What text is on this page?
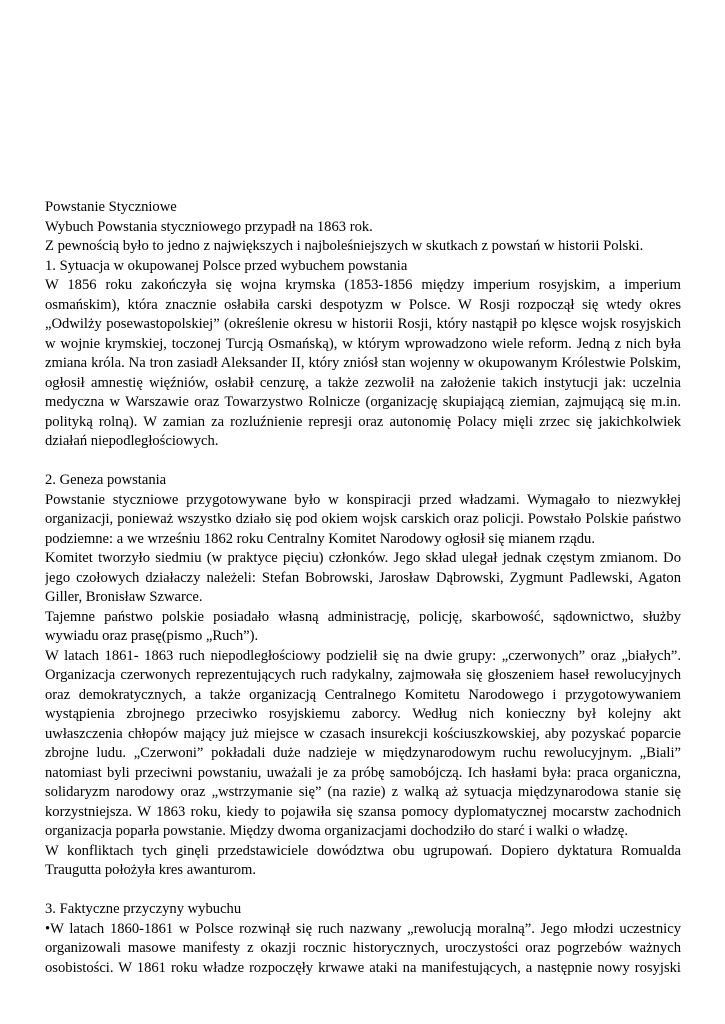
Powstanie Styczniowe
Wybuch Powstania styczniowego przypadł na 1863 rok.
Z pewnością było to jedno z największych i najboleśniejszych w skutkach z powstań w historii Polski.
1. Sytuacja w okupowanej Polsce przed wybuchem powstania
W 1856 roku zakończyła się wojna krymska (1853-1856 między imperium rosyjskim, a imperium
osmańskim), która znacznie osłabiła carski despotyzm w Polsce. W Rosji rozpoczął się wtedy okres
„Odwilży posewastopolskiej” (określenie okresu w historii Rosji, który nastąpił po klęsce wojsk rosyjskich
w wojnie krymskiej, toczonej Turcją Osmańską), w którym wprowadzono wiele reform. Jedną z nich była
zmiana króla. Na tron zasiadł Aleksander II, który zniósł stan wojenny w okupowanym Królestwie Polskim,
ogłosił amnestię więźniów, osłabił cenzurę, a także zezwolił na założenie takich instytucji jak: uczelnia
medyczna w Warszawie oraz Towarzystwo Rolnicze (organizację skupiającą ziemian, zajmującą się m.in.
polityką rolną). W zamian za rozluźnienie represji oraz autonomię Polacy mięli zrzec się jakichkolwiek
działań niepodległościowych.
2. Geneza powstania
Powstanie styczniowe przygotowywane było w konspiracji przed władzami. Wymagało to niezwykłej
organizacji, ponieważ wszystko działo się pod okiem wojsk carskich oraz policji. Powstało Polskie państwo
podziemne: a we wrześniu 1862 roku Centralny Komitet Narodowy ogłosił się mianem rządu.
Komitet tworzyło siedmiu (w praktyce pięciu) członków. Jego skład ulegał jednak częstym zmianom. Do
jego czołowych działaczy należeli: Stefan Bobrowski, Jarosław Dąbrowski, Zygmunt Padlewski, Agaton
Giller, Bronisław Szwarce.
Tajemne państwo polskie posiadało własną administrację, policję, skarbowość, sądownictwo, służby
wywiadu oraz prasę(pismo „Ruch”).
W latach 1861- 1863 ruch niepodległościowy podzielił się na dwie grupy: „czerwonych” oraz „białych”.
Organizacja czerwonych reprezentujących ruch radykalny, zajmowała się głoszeniem haseł rewolucyjnych
oraz demokratycznych, a także organizacją Centralnego Komitetu Narodowego i przygotowywaniem
wystąpienia zbrojnego przeciwko rosyjskiemu zaborcy. Według nich konieczny był kolejny akt
uwłaszczenia chłopów mający już miejsce w czasach insurekcji kościuszkowskiej, aby pozyskać poparcie
zbrojne ludu. „Czerwoni” pokładali duże nadzieje w międzynarodowym ruchu rewolucyjnym. „Biali”
natomiast byli przeciwni powstaniu, uważali je za próbę samobójczą. Ich hasłami była: praca organiczna,
solidaryzm narodowy oraz „wstrzymanie się” (na razie) z walką aż sytuacja międzynarodowa stanie się
korzystniejsza. W 1863 roku, kiedy to pojawiła się szansa pomocy dyplomatycznej mocarstw zachodnich
organizacja poparła powstanie. Między dwoma organizacjami dochodziło do starć i walki o władzę.
W konfliktach tych ginęli przedstawiciele dowództwa obu ugrupowań. Dopiero dyktatura Romualda
Traugutta położyła kres awanturom.
3. Faktyczne przyczyny wybuchu
•W latach 1860-1861 w Polsce rozwinął się ruch nazwany „rewolucją moralną”. Jego młodzi uczestnicy
organizowali masowe manifesty z okazji rocznic historycznych, uroczystości oraz pogrzebów ważnych
osobistości. W 1861 roku władze rozpoczęły krwawe ataki na manifestujących, a następnie nowy rosyjski
